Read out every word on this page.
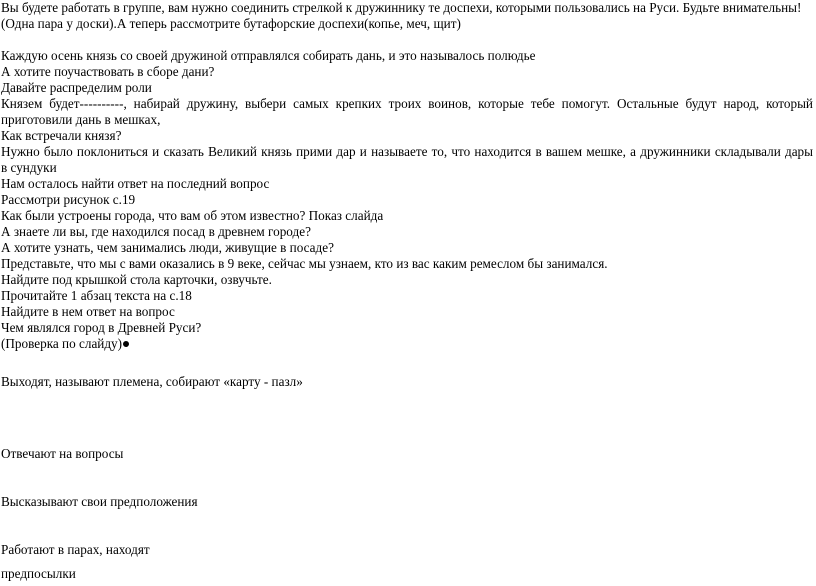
Вы будете работать в группе, вам нужно соединить стрелкой к дружиннику те доспехи, которыми пользовались на Руси. Будьте внимательны!

(Одна пара у доски).А теперь рассмотрите бутафорские доспехи(копье, меч, щит)

Каждую осень князь со своей дружиной отправлялся собирать дань, и это называлось полюдье

А хотите поучаствовать в сборе дани?

Давайте распределим роли

Князем будет----------, набирай дружину, выбери самых крепких троих воинов, которые тебе помогут. Остальные будут народ, который

приготовили дань в мешках,

Как встречали князя?

Нужно было поклониться и сказать Великий князь прими дар и называете то, что находится в вашем мешке, а дружинники складывали дары

в сундуки

Нам осталось найти ответ на последний вопрос

Рассмотри рисунок с.19

Как были устроены города, что вам об этом известно? Показ слайда

А знаете ли вы, где находился посад в древнем городе?

А хотите узнать, чем занимались люди, живущие в посаде?

Представьте, что мы с вами оказались в 9 веке, сейчас мы узнаем, кто из вас каким ремеслом бы занимался.

Найдите под крышкой стола карточки, озвучьте.

Прочитайте 1 абзац текста на с.18

Найдите в нем ответ на вопрос

Чем являлся город в Древней Руси?

(Проверка по слайду)

Выходят, называют племена, собирают «карту - пазл»

Отвечают на вопросы

Высказывают свои предположения

Работают в парах, находят

предпосылки
